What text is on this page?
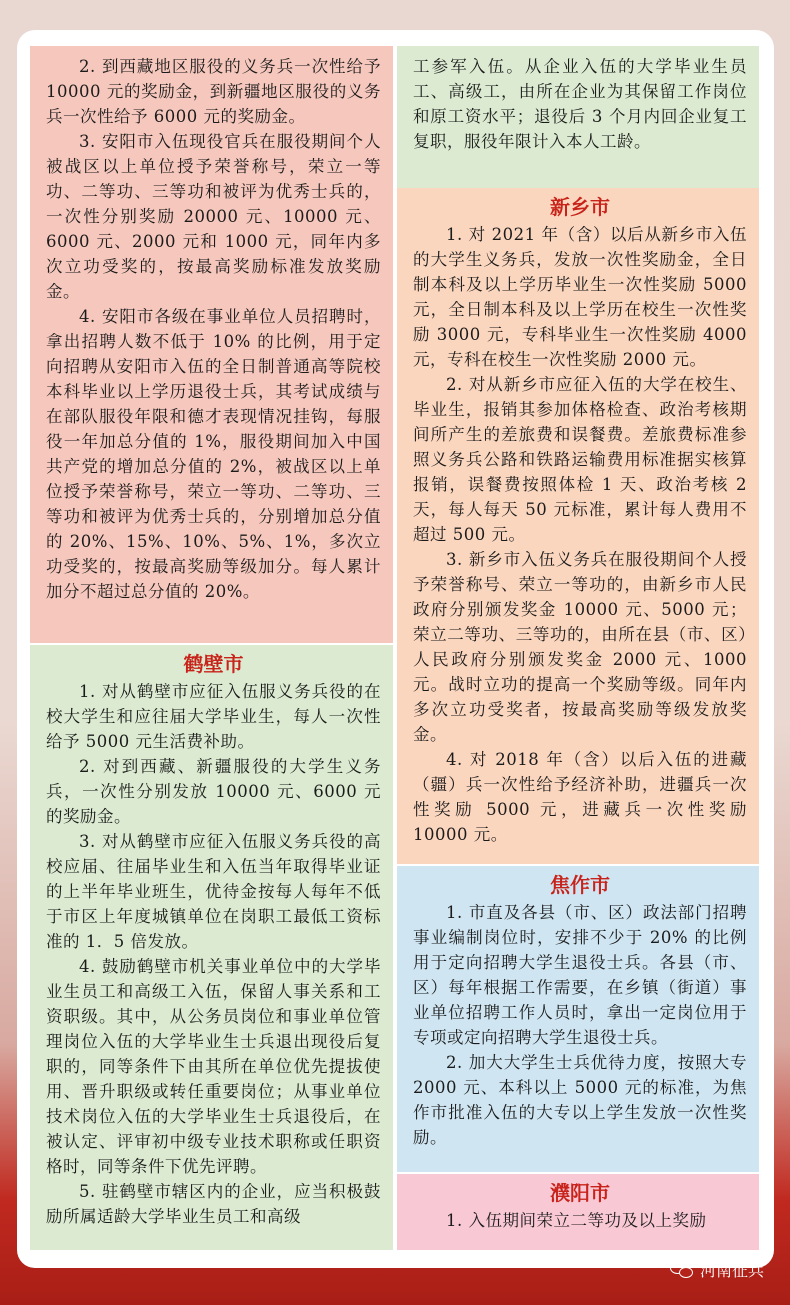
2. 到西藏地区服役的义务兵一次性给予 10000 元的奖励金，到新疆地区服役的义务兵一次性给予 6000 元的奖励金。

3. 安阳市入伍现役官兵在服役期间个人被战区以上单位授予荣誉称号，荣立一等功、二等功、三等功和被评为优秀士兵的，一次性分别奖励 20000 元、10000 元、6000 元、2000 元和 1000 元，同年内多次立功受奖的，按最高奖励标准发放奖励金。

4. 安阳市各级在事业单位人员招聘时，拿出招聘人数不低于 10% 的比例，用于定向招聘从安阳市入伍的全日制普通高等院校本科毕业以上学历退役士兵，其考试成绩与在部队服役年限和德才表现情况挂钩，每服役一年加总分值的 1%，服役期间加入中国共产党的增加总分值的 2%，被战区以上单位授予荣誉称号，荣立一等功、二等功、三等功和被评为优秀士兵的，分别增加总分值的 20%、15%、10%、5%、1%，多次立功受奖的，按最高奖励等级加分。每人累计加分不超过总分值的 20%。

鹤壁市

1. 对从鹤壁市应征入伍服义务兵役的在校大学生和应往届大学毕业生，每人一次性给予 5000 元生活费补助。

2. 对到西藏、新疆服役的大学生义务兵，一次性分别发放 10000 元、6000 元的奖励金。

3. 对从鹤壁市应征入伍服义务兵役的高校应届、往届毕业生和入伍当年取得毕业证的上半年毕业班生，优待金按每人每年不低于市区上年度城镇单位在岗职工最低工资标准的 1．5 倍发放。

4. 鼓励鹤壁市机关事业单位中的大学毕业生员工和高级工入伍，保留人事关系和工资职级。其中，从公务员岗位和事业单位管理岗位入伍的大学毕业生士兵退出现役后复职的，同等条件下由其所在单位优先提拔使用、晋升职级或转任重要岗位；从事业单位技术岗位入伍的大学毕业生士兵退役后，在被认定、评审初中级专业技术职称或任职资格时，同等条件下优先评聘。

5. 驻鹤壁市辖区内的企业，应当积极鼓励所属适龄大学毕业生员工和高级

工参军入伍。从企业入伍的大学毕业生员工、高级工，由所在企业为其保留工作岗位和原工资水平；退役后 3 个月内回企业复工复职，服役年限计入本人工龄。

新乡市

1. 对 2021 年（含）以后从新乡市入伍的大学生义务兵，发放一次性奖励金，全日制本科及以上学历毕业生一次性奖励 5000 元，全日制本科及以上学历在校生一次性奖励 3000 元，专科毕业生一次性奖励 4000 元，专科在校生一次性奖励 2000 元。

2. 对从新乡市应征入伍的大学在校生、毕业生，报销其参加体格检查、政治考核期间所产生的差旅费和误餐费。差旅费标准参照义务兵公路和铁路运输费用标准据实核算报销，误餐费按照体检 1 天、政治考核 2 天，每人每天 50 元标准，累计每人费用不超过 500 元。

3. 新乡市入伍义务兵在服役期间个人授予荣誉称号、荣立一等功的，由新乡市人民政府分别颁发奖金 10000 元、5000 元；荣立二等功、三等功的，由所在县（市、区）人民政府分别颁发奖金 2000 元、1000 元。战时立功的提高一个奖励等级。同年内多次立功受奖者，按最高奖励等级发放奖金。

4. 对 2018 年（含）以后入伍的进藏（疆）兵一次性给予经济补助，进疆兵一次性奖励 5000 元，进藏兵一次性奖励 10000 元。

焦作市

1. 市直及各县（市、区）政法部门招聘事业编制岗位时，安排不少于 20% 的比例用于定向招聘大学生退役士兵。各县（市、区）每年根据工作需要，在乡镇（街道）事业单位招聘工作人员时，拿出一定岗位用于专项或定向招聘大学生退役士兵。

2. 加大大学生士兵优待力度，按照大专 2000 元、本科以上 5000 元的标准，为焦作市批准入伍的大专以上学生发放一次性奖励。

濮阳市

1. 入伍期间荣立二等功及以上奖励

河南征兵
